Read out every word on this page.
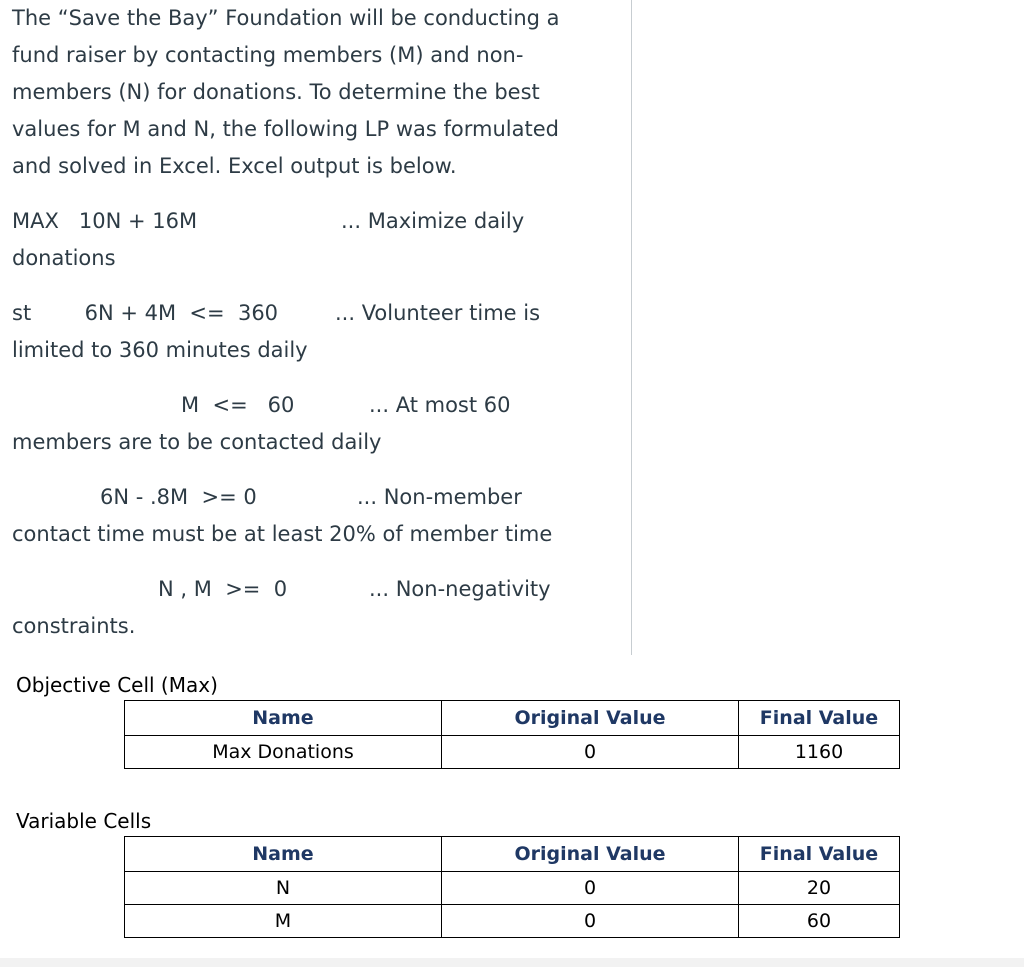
The “Save the Bay” Foundation will be conducting a
fund raiser by contacting members (M) and non-
members (N) for donations. To determine the best
values for M and N, the following LP was formulated
and solved in Excel. Excel output is below.
MAX   10N + 16M	... Maximize daily
donations
st        6N + 4M  <=  360	... Volunteer time is
limited to 360 minutes daily
M  <=   60	... At most 60
members are to be contacted daily
6N - .8M  >= 0	... Non-member
contact time must be at least 20% of member time
N , M  >=  0	... Non-negativity
constraints.
Objective Cell (Max)
Name	Original Value	Final Value
Max Donations	0	1160
Variable Cells
Name	Original Value	Final Value
N	0	20
M	0	60
